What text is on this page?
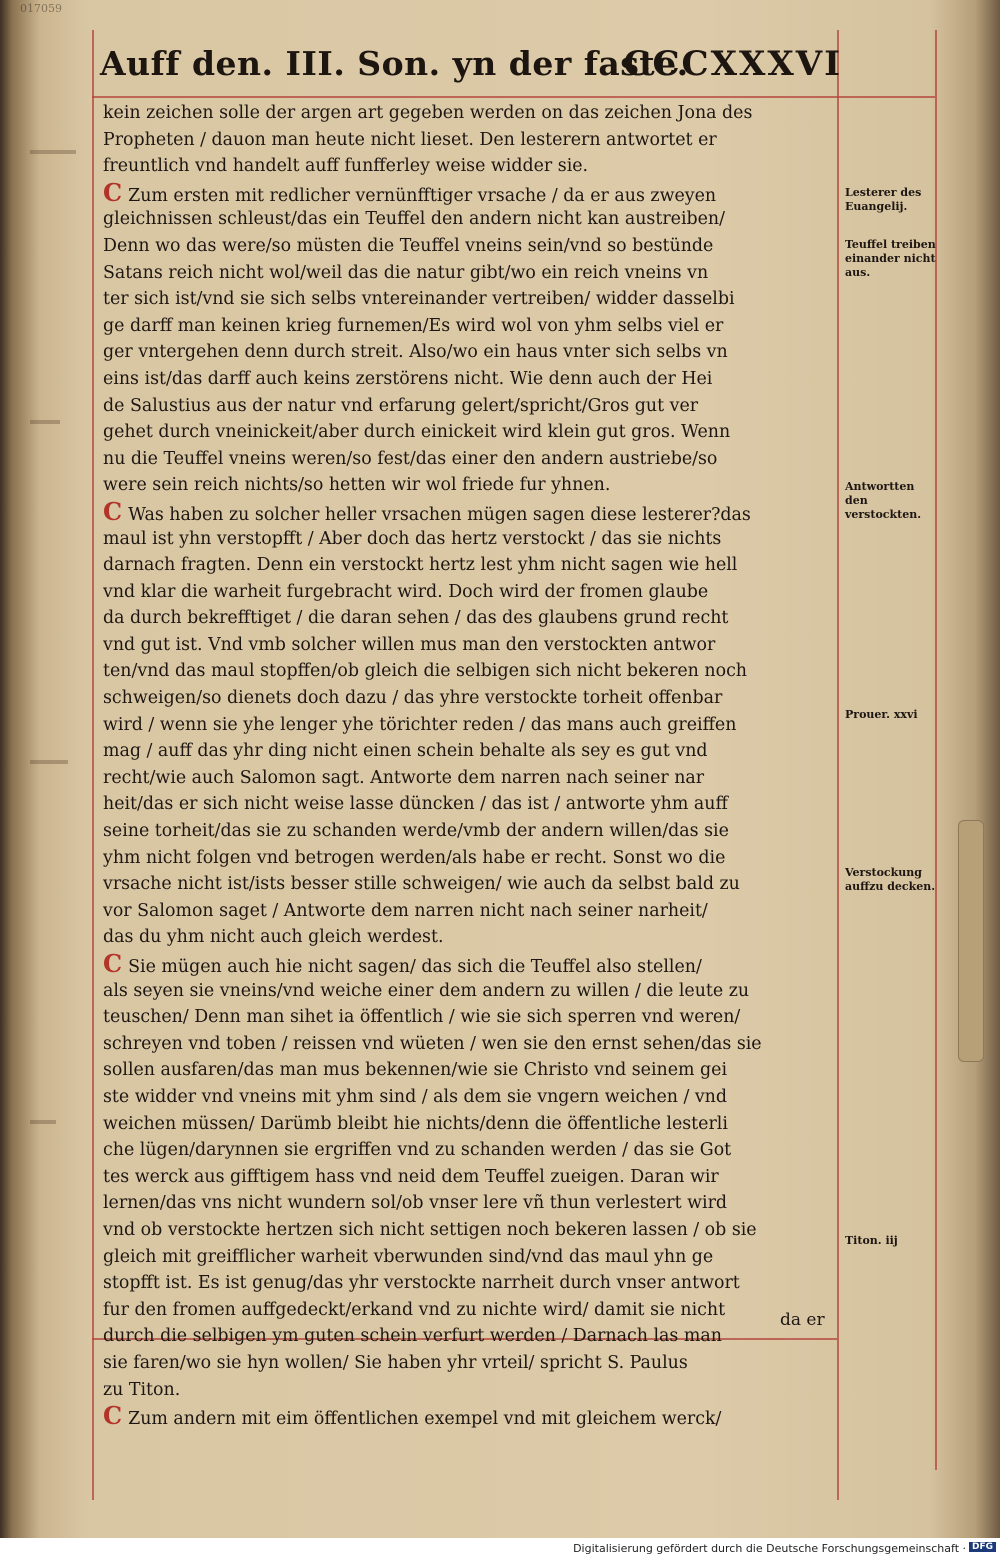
017059
Auff den. III. Son. yn der faste.
CCCXXXVI
kein zeichen solle der argen art gegeben werden on das zeichen Jona des
Propheten / dauon man heute nicht lieset. Den lesterern antwortet er
freuntlich vnd handelt auff funfferley weise widder sie.
C Zum ersten mit redlicher vernünfftiger vrsache / da er aus zweyen
gleichnissen schleust/das ein Teuffel den andern nicht kan austreiben/
Denn wo das were/so müsten die Teuffel vneins sein/vnd so bestünde
Satans reich nicht wol/weil das die natur gibt/wo ein reich vneins vn
ter sich ist/vnd sie sich selbs vntereinander vertreiben/ widder dasselbi
ge darff man keinen krieg furnemen/Es wird wol von yhm selbs viel er
ger vntergehen denn durch streit. Also/wo ein haus vnter sich selbs vn
eins ist/das darff auch keins zerstörens nicht. Wie denn auch der Hei
de Salustius aus der natur vnd erfarung gelert/spricht/Gros gut ver
gehet durch vneinickeit/aber durch einickeit wird klein gut gros. Wenn
nu die Teuffel vneins weren/so fest/das einer den andern austriebe/so
were sein reich nichts/so hetten wir wol friede fur yhnen.
C Was haben zu solcher heller vrsachen mügen sagen diese lesterer?das
maul ist yhn verstopfft / Aber doch das hertz verstockt / das sie nichts
darnach fragten. Denn ein verstockt hertz lest yhm nicht sagen wie hell
vnd klar die warheit furgebracht wird. Doch wird der fromen glaube
da durch bekrefftiget / die daran sehen / das des glaubens grund recht
vnd gut ist. Vnd vmb solcher willen mus man den verstockten antwor
ten/vnd das maul stopffen/ob gleich die selbigen sich nicht bekeren noch
schweigen/so dienets doch dazu / das yhre verstockte torheit offenbar
wird / wenn sie yhe lenger yhe törichter reden / das mans auch greiffen
mag / auff das yhr ding nicht einen schein behalte als sey es gut vnd
recht/wie auch Salomon sagt. Antworte dem narren nach seiner nar
heit/das er sich nicht weise lasse düncken / das ist / antworte yhm auff
seine torheit/das sie zu schanden werde/vmb der andern willen/das sie
yhm nicht folgen vnd betrogen werden/als habe er recht. Sonst wo die
vrsache nicht ist/ists besser stille schweigen/ wie auch da selbst bald zu
vor Salomon saget / Antworte dem narren nicht nach seiner narheit/
das du yhm nicht auch gleich werdest.
C Sie mügen auch hie nicht sagen/ das sich die Teuffel also stellen/
als seyen sie vneins/vnd weiche einer dem andern zu willen / die leute zu
teuschen/ Denn man sihet ia öffentlich / wie sie sich sperren vnd weren/
schreyen vnd toben / reissen vnd wüeten / wen sie den ernst sehen/das sie
sollen ausfaren/das man mus bekennen/wie sie Christo vnd seinem gei
ste widder vnd vneins mit yhm sind / als dem sie vngern weichen / vnd
weichen müssen/ Darümb bleibt hie nichts/denn die öffentliche lesterli
che lügen/darynnen sie ergriffen vnd zu schanden werden / das sie Got
tes werck aus gifftigem hass vnd neid dem Teuffel zueigen. Daran wir
lernen/das vns nicht wundern sol/ob vnser lere vñ thun verlestert wird
vnd ob verstockte hertzen sich nicht settigen noch bekeren lassen / ob sie
gleich mit greifflicher warheit vberwunden sind/vnd das maul yhn ge
stopfft ist. Es ist genug/das yhr verstockte narrheit durch vnser antwort
fur den fromen auffgedeckt/erkand vnd zu nichte wird/ damit sie nicht
durch die selbigen ym guten schein verfurt werden / Darnach las man
sie faren/wo sie hyn wollen/ Sie haben yhr vrteil/ spricht S. Paulus
zu Titon.
C Zum andern mit eim öffentlichen exempel vnd mit gleichem werck/
Lesterer des Euangelij.
Teuffel treiben einander nicht aus.
Antwortten den verstockten.
Prouer. xxvi
Verstockung auffzu decken.
Titon. iij
da er
Digitalisierung gefördert durch die Deutsche Forschungsgemeinschaft · DFG
